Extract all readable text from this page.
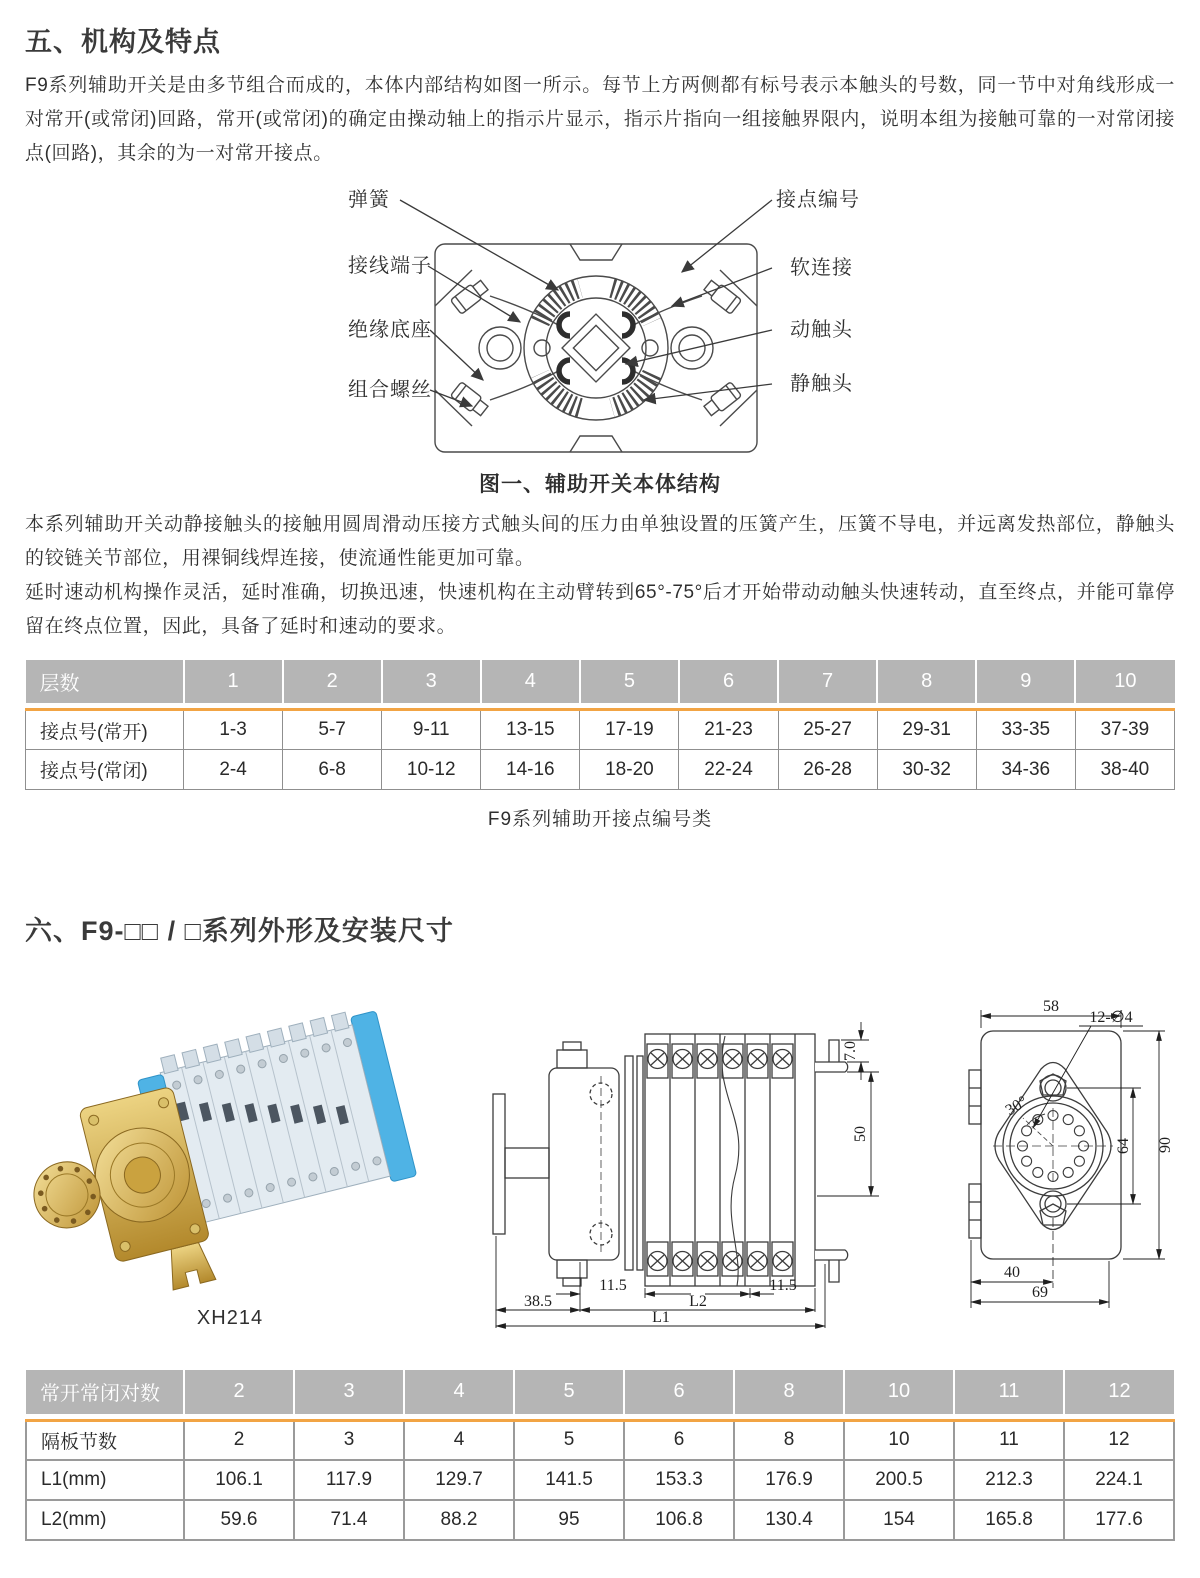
五、机构及特点

F9系列辅助开关是由多节组合而成的，本体内部结构如图一所示。每节上方两侧都有标号表示本触头的号数，同一节中对角线形成一对常开(或常闭)回路，常开(或常闭)的确定由操动轴上的指示片显示，指示片指向一组接触界限内，说明本组为接触可靠的一对常闭接点(回路)，其余的为一对常开接点。

弹簧
接线端子
绝缘底座
组合螺丝
接点编号
软连接
动触头
静触头
图一、辅助开关本体结构

本系列辅助开关动静接触头的接触用圆周滑动压接方式触头间的压力由单独设置的压簧产生，压簧不导电，并远离发热部位，静触头的铰链关节部位，用裸铜线焊连接，使流通性能更加可靠。

延时速动机构操作灵活，延时准确，切换迅速，快速机构在主动臂转到65°-75°后才开始带动动触头快速转动，直至终点，并能可靠停留在终点位置，因此，具备了延时和速动的要求。

层数	1	2	3	4	5	6	7	8	9	10

接点号(常开)	1-3	5-7	9-11	13-15	17-19	21-23	25-27	29-31	33-35	37-39
接点号(常闭)	2-4	6-8	10-12	14-16	18-20	22-24	26-28	30-32	34-36	38-40
F9系列辅助开接点编号类
六、F9-□□ / □系列外形及安装尺寸
XH214
7.0
50
11.5	11.5
38.5	L2
L1
58
12-∅4
30°
64 90
40
69
常开常闭对数	2	3	4	5	6	8	10	11	12

隔板节数	2	3	4	5	6	8	10	11	12
L1(mm)	106.1	117.9	129.7	141.5	153.3	176.9	200.5	212.3	224.1
L2(mm)	59.6	71.4	88.2	95	106.8	130.4	154	165.8	177.6
